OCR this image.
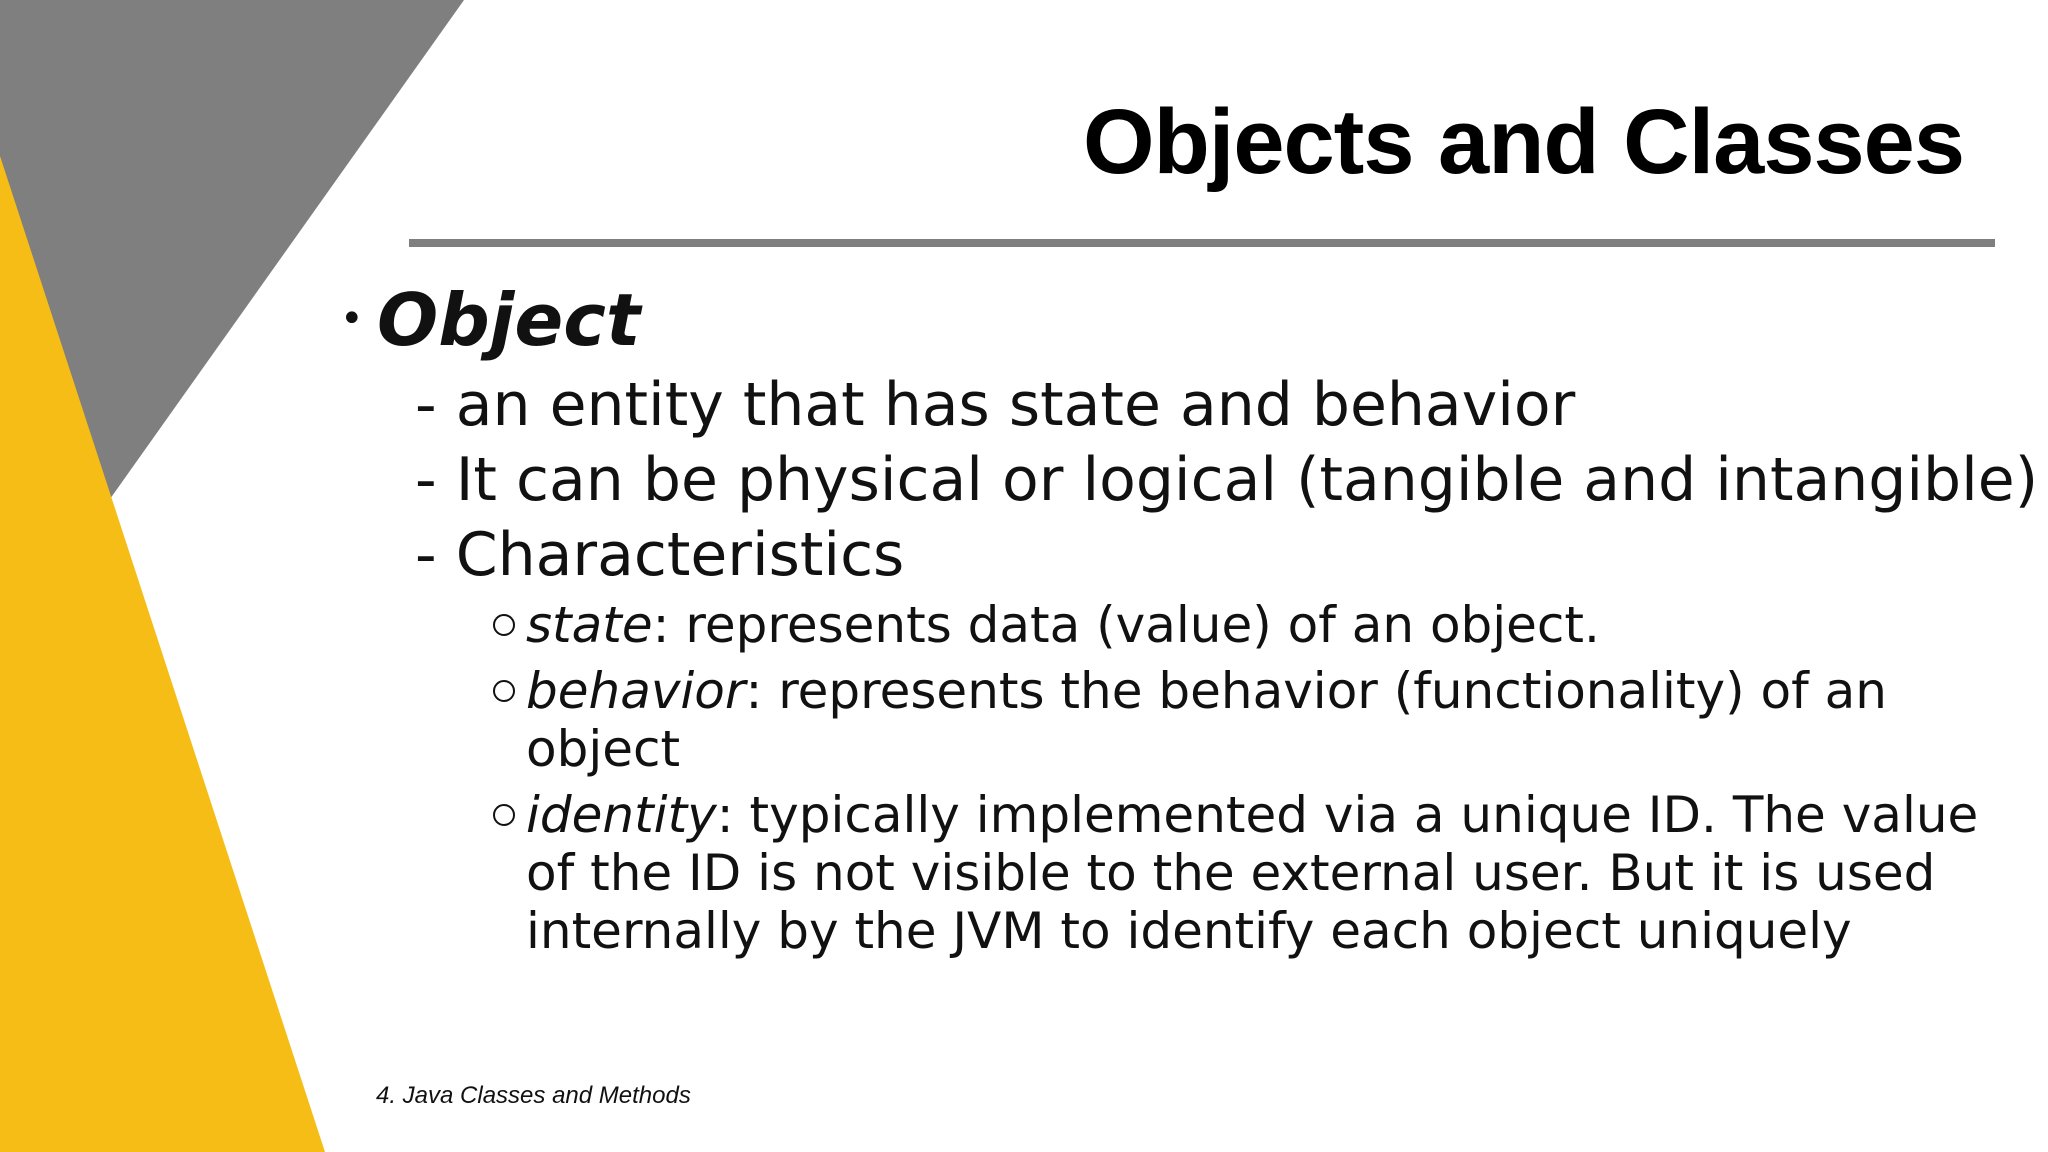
Objects and Classes
• Object
- an entity that has state and behavior
- It can be physical or logical (tangible and intangible)
- Characteristics
state: represents data (value) of an object.
behavior: represents the behavior (functionality) of an object
identity: typically implemented via a unique ID. The value of the ID is not visible to the external user. But it is used internally by the JVM to identify each object uniquely
4. Java Classes and Methods
